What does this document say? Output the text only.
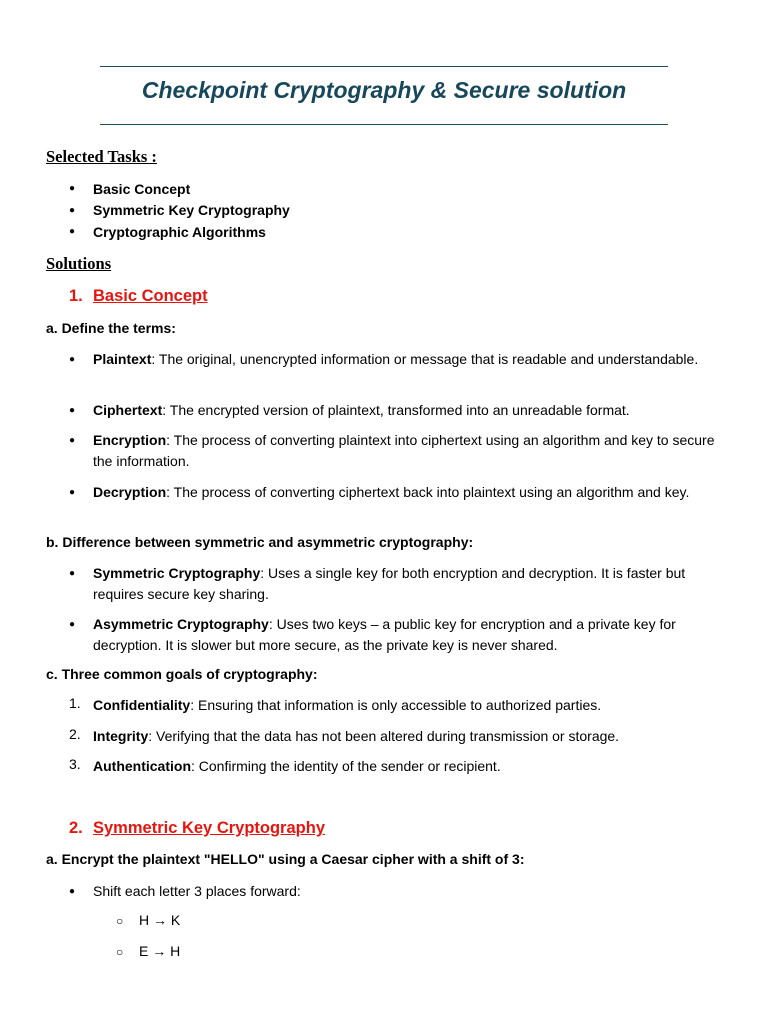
Checkpoint Cryptography & Secure solution
Selected Tasks :
● Basic Concept
● Symmetric Key Cryptography
● Cryptographic Algorithms
Solutions
1. Basic Concept
a. Define the terms:
● Plaintext: The original, unencrypted information or message that is readable and understandable.
● Ciphertext: The encrypted version of plaintext, transformed into an unreadable format.
● Encryption: The process of converting plaintext into ciphertext using an algorithm and key to secure the information.
● Decryption: The process of converting ciphertext back into plaintext using an algorithm and key.
b. Difference between symmetric and asymmetric cryptography:
● Symmetric Cryptography: Uses a single key for both encryption and decryption. It is faster but requires secure key sharing.
● Asymmetric Cryptography: Uses two keys – a public key for encryption and a private key for decryption. It is slower but more secure, as the private key is never shared.
c. Three common goals of cryptography:
1. Confidentiality: Ensuring that information is only accessible to authorized parties.
2. Integrity: Verifying that the data has not been altered during transmission or storage.
3. Authentication: Confirming the identity of the sender or recipient.
2. Symmetric Key Cryptography
a. Encrypt the plaintext "HELLO" using a Caesar cipher with a shift of 3:
● Shift each letter 3 places forward:
○ H → K
○ E → H
